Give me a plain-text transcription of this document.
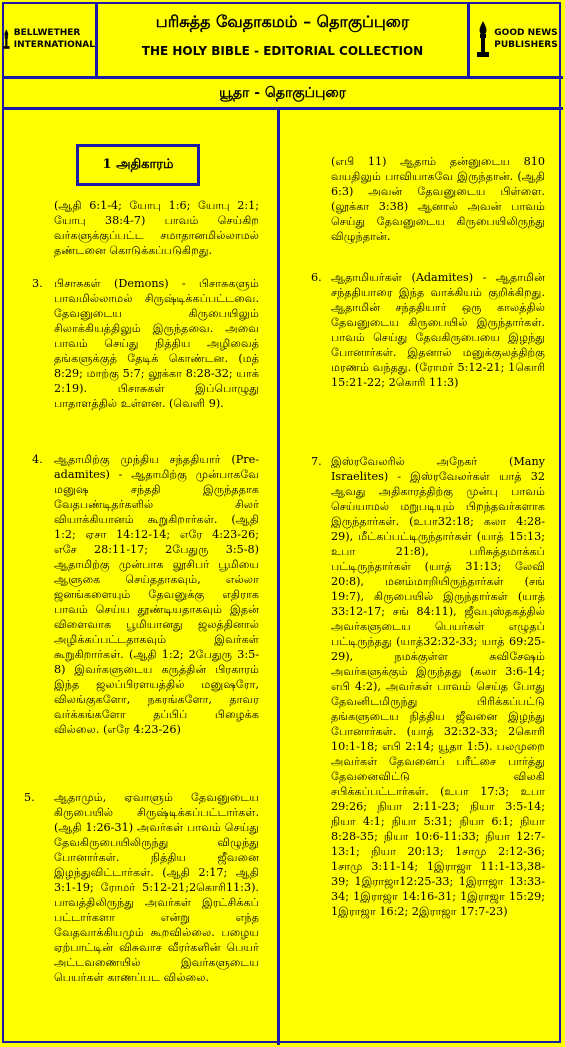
BELLWETHER
INTERNATIONAL
பரிசுத்த வேதாகமம் – தொகுப்புரை
THE HOLY BIBLE - EDITORIAL COLLECTION
GOOD NEWS
PUBLISHERS
யூதா - தொகுப்புரை
1 அதிகாரம்
(ஆதி 6:1-4; யோபு 1:6; யோபு 2:1; யோபு 38:4-7) பாவம் செய்கிற வர்களுக்குப்பட்ட சமாதானமில்லாமல் தண்டனை கொடுக்கப்படுகிறது.
3. பிசாசுகள் (Demons) - பிசாசுகளும் பாவமில்லாமல் சிருஷ்டிக்கப்பட்டவை. தேவனுடைய கிருபையிலும் சிலாக்கியத்திலும் இருந்தவை. அவை பாவம் செய்து நித்திய அழிவைத் தங்களுக்குத் தேடிக் கொண்டன. (மத் 8:29; மாற்கு 5:7; லூக்கா 8:28-32; யாக் 2:19). பிசாசுகள் இப்பொழுது பாதாளத்தில் உள்ளன. (வெளி 9).
4. ஆதாமிற்கு முந்திய சந்ததியார் (Pre-adamites) - ஆதாமிற்கு முன்பாகவே மனுஷ சந்ததி இருந்ததாக வேதபண்டிதர்களில் சிலர் வியாக்கியானம் கூறுகிறார்கள். (ஆதி 1:2; ஏசா 14:12-14; எரே 4:23-26; எசே 28:11-17; 2பேதுரு 3:5-8) ஆதாமிற்கு முன்பாக லூசிபர் பூமியை ஆளுகை செய்ததாகவும், எல்லா ஜனங்களையும் தேவனுக்கு எதிராக பாவம் செய்ய தூண்டியதாகவும் இதன் விளைவாக பூமியானது ஜலத்தினால் அழிக்கப்பட்டதாகவும் இவர்கள் கூறுகிறார்கள். (ஆதி 1:2; 2பேதுரு 3:5-8) இவர்களுடைய கருத்தின் பிரகாரம் இந்த ஜலப்பிரளயத்தில் மனுஷரோ, விலங்குகளோ, நகரங்களோ, தாவர வர்க்கங்களோ தப்பிப் பிழைக்க வில்லை. (எரே 4:23-26)
5. ஆதாமும், ஏவாளும் தேவனுடைய கிருபையில் சிருஷ்டிக்கப்பட்டார்கள். (ஆதி 1:26-31) அவர்கள் பாவம் செய்து தேவகிருபையிலிருந்து விழுந்து போனார்கள். நித்திய ஜீவனை இழந்துவிட்டார்கள். (ஆதி 2:17; ஆதி 3:1-19; ரோமர் 5:12-21;2கொரி11:3). பாவத்திலிருந்து அவர்கள் இரட்சிக்கப் பட்டார்களா என்று எந்த வேதவாக்கியமும் கூறவில்லை. பழைய ஏற்பாட்டின் விசுவாச வீரர்களின் பெயர் அட்டவணையில் இவர்களுடைய பெயர்கள் காணப்பட வில்லை.
(எபி 11) ஆதாம் தன்னுடைய 810 வயதிலும் பாவியாகவே இருந்தான். (ஆதி 6:3) அவன் தேவனுடைய பிள்ளை. (லூக்கா 3:38) ஆனால் அவன் பாவம் செய்து தேவனுடைய கிருபையிலிருந்து விழுந்தான்.
6. ஆதாமியர்கள் (Adamites) - ஆதாமின் சந்ததியாரை இந்த வாக்கியம் குறிக்கிறது. ஆதாமின் சந்ததியார் ஒரு காலத்தில் தேவனுடைய கிருபையில் இருந்தார்கள். பாவம் செய்து தேவகிருபையை இழந்து போனார்கள். இதனால் மனுக்குலத்திற்கு மரணம் வந்தது. (ரோமர் 5:12-21; 1கொரி 15:21-22; 2கொரி 11:3)
7. இஸ்ரவேலரில் அநேகர் (Many Israelites) - இஸ்ரவேலர்கள் யாத் 32 ஆவது அதிகாரத்திற்கு முன்பு பாவம் செய்யாமல் மறுபடியும் பிறந்தவர்களாக இருந்தார்கள். (உபா32:18; கலா 4:28-29), மீட்கப்பட்டிருந்தார்கள் (யாத் 15:13; உபா 21:8), பரிசுத்தமாக்கப் பட்டிருந்தார்கள் (யாத் 31:13; லேவி 20:8), மனம்மாறியிருந்தார்கள் (சங் 19:7), கிருபையில் இருந்தார்கள் (யாத் 33:12-17; சங் 84:11), ஜீவபுஸ்தகத்தில் அவர்களுடைய பெயர்கள் எழுதப் பட்டிருந்தது (யாத்32:32-33; யாத் 69:25-29), நமக்குள்ள சுவிசேஷம் அவர்களுக்கும் இருந்தது (கலா 3:6-14; எபி 4:2), அவர்கள் பாவம் செய்த போது தேவனிடமிருந்து பிரிக்கப்பட்டு தங்களுடைய நித்திய ஜீவனை இழந்து போனார்கள். (யாத் 32:32-33; 2கொரி 10:1-18; எபி 2:14; யூதா 1:5). பலமுறை அவர்கள் தேவனைப் பரீட்சை பார்த்து தேவனைவிட்டு விலகி சபிக்கப்பட்டார்கள். (உபா 17:3; உபா 29:26; நியா 2:11-23; நியா 3:5-14; நியா 4:1; நியா 5:31; நியா 6:1; நியா 8:28-35; நியா 10:6-11:33; நியா 12:7-13:1; நியா 20:13; 1சாமு 2:12-36; 1சாமு 3:11-14; 1இராஜா 11:1-13,38-39; 1இராஜா12:25-33; 1இராஜா 13:33-34; 1இராஜா 14:16-31; 1இராஜா 15:29; 1இராஜா 16:2; 2இராஜா 17:7-23)
